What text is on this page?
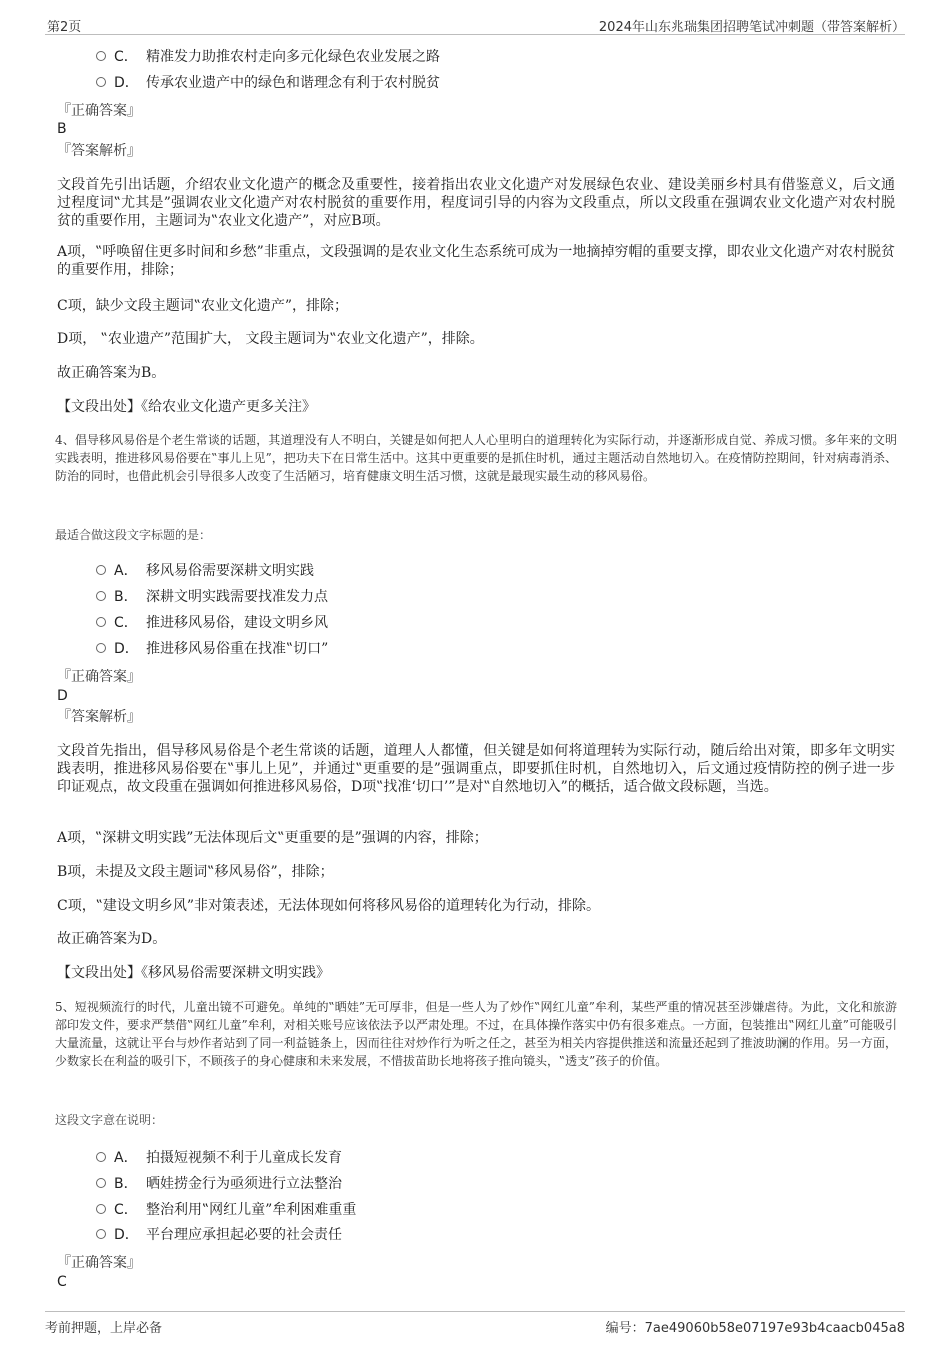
第2页	2024年山东兆瑞集团招聘笔试冲刺题（带答案解析）
C． 精准发力助推农村走向多元化绿色农业发展之路
D． 传承农业遗产中的绿色和谐理念有利于农村脱贫
『正确答案』
B
『答案解析』
文段首先引出话题，介绍农业文化遗产的概念及重要性，接着指出农业文化遗产对发展绿色农业、建设美丽乡村具有借鉴意义，后文通过程度词‟尤其是”强调农业文化遗产对农村脱贫的重要作用，程度词引导的内容为文段重点，所以文段重在强调农业文化遗产对农村脱贫的重要作用，主题词为‟农业文化遗产”，对应B项。
A项，‟呼唤留住更多时间和乡愁”非重点，文段强调的是农业文化生态系统可成为一地摘掉穷帽的重要支撑，即农业文化遗产对农村脱贫的重要作用，排除；
C项，缺少文段主题词‟农业文化遗产”，排除；
D项， ‟农业遗产”范围扩大， 文段主题词为‟农业文化遗产”，排除。
故正确答案为B。
【文段出处】《给农业文化遗产更多关注》
4、倡导移风易俗是个老生常谈的话题，其道理没有人不明白，关键是如何把人人心里明白的道理转化为实际行动，并逐渐形成自觉、养成习惯。多年来的文明实践表明，推进移风易俗要在‟事儿上见”，把功夫下在日常生活中。这其中更重要的是抓住时机，通过主题活动自然地切入。在疫情防控期间，针对病毒消杀、防治的同时，也借此机会引导很多人改变了生活陋习，培育健康文明生活习惯，这就是最现实最生动的移风易俗。
最适合做这段文字标题的是：
A． 移风易俗需要深耕文明实践
B． 深耕文明实践需要找准发力点
C． 推进移风易俗，建设文明乡风
D． 推进移风易俗重在找准‟切口”
『正确答案』
D
『答案解析』
文段首先指出，倡导移风易俗是个老生常谈的话题，道理人人都懂，但关键是如何将道理转为实际行动，随后给出对策，即多年文明实践表明，推进移风易俗要在‟事儿上见”，并通过‟更重要的是”强调重点，即要抓住时机，自然地切入，后文通过疫情防控的例子进一步印证观点，故文段重在强调如何推进移风易俗，D项‟找准‘切口’”是对‟自然地切入”的概括，适合做文段标题，当选。
A项，‟深耕文明实践”无法体现后文‟更重要的是”强调的内容，排除；
B项，未提及文段主题词‟移风易俗”，排除；
C项，‟建设文明乡风”非对策表述，无法体现如何将移风易俗的道理转化为行动，排除。
故正确答案为D。
【文段出处】《移风易俗需要深耕文明实践》
5、短视频流行的时代，儿童出镜不可避免。单纯的‟晒娃”无可厚非，但是一些人为了炒作‟网红儿童”牟利，某些严重的情况甚至涉嫌虐待。为此，文化和旅游部印发文件，要求严禁借‟网红儿童”牟利，对相关账号应该依法予以严肃处理。不过，在具体操作落实中仍有很多难点。一方面，包装推出‟网红儿童”可能吸引大量流量，这就让平台与炒作者站到了同一利益链条上，因而往往对炒作行为听之任之，甚至为相关内容提供推送和流量还起到了推波助澜的作用。另一方面，少数家长在利益的吸引下，不顾孩子的身心健康和未来发展，不惜拔苗助长地将孩子推向镜头，‟透支”孩子的价值。
这段文字意在说明：
A． 拍摄短视频不利于儿童成长发育
B． 晒娃捞金行为亟须进行立法整治
C． 整治利用‟网红儿童”牟利困难重重
D． 平台理应承担起必要的社会责任
『正确答案』
C
考前押题，上岸必备	编号：7ae49060b58e07197e93b4caacb045a8
